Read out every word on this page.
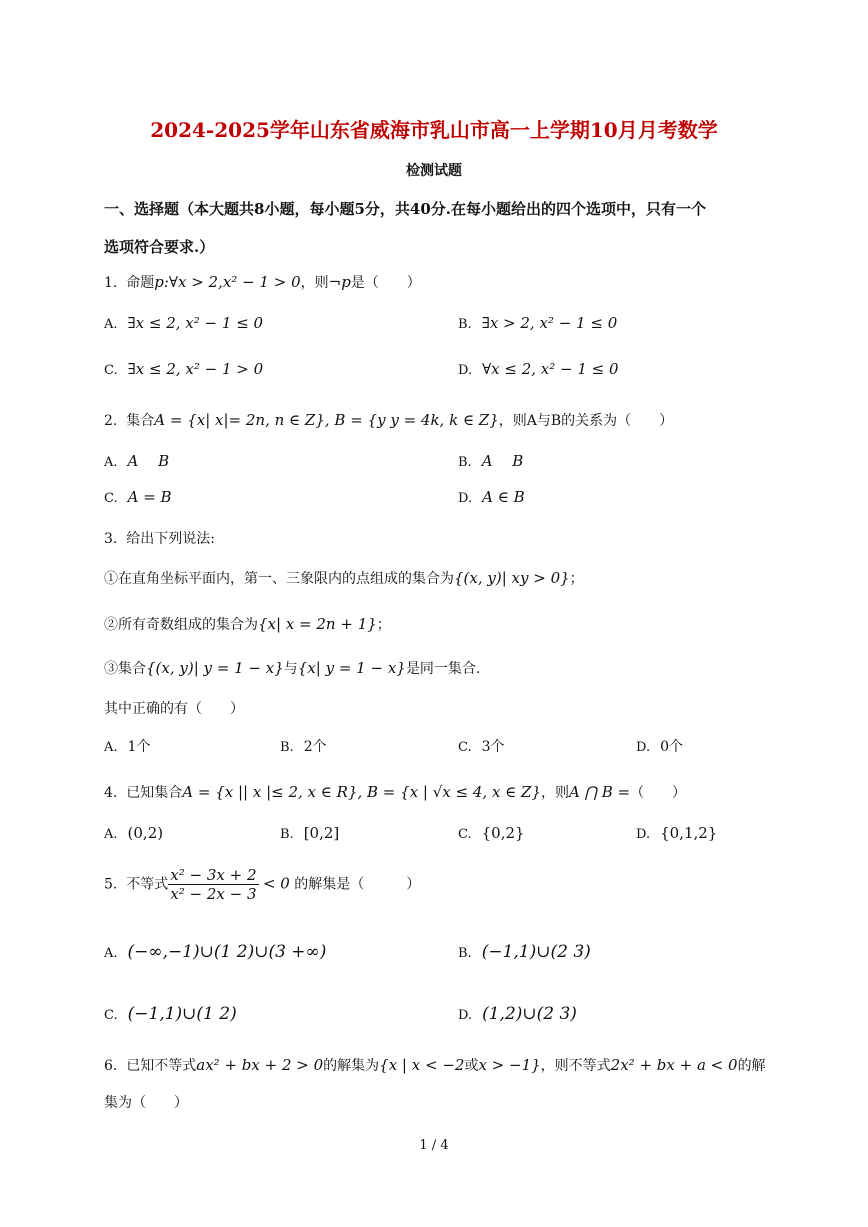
2024-2025学年山东省威海市乳山市高一上学期10月月考数学
检测试题
一、选择题（本大题共8小题，每小题5分，共40分.在每小题给出的四个选项中，只有一个
选项符合要求.）
1. 命题p:∀x > 2,x² − 1 > 0，则¬p是（　　）
A. ∃x ≤ 2, x² − 1 ≤ 0	B. ∃x > 2, x² − 1 ≤ 0
C. ∃x ≤ 2, x² − 1 > 0	D. ∀x ≤ 2, x² − 1 ≤ 0
2. 集合A = {x| x|= 2n, n ∈ Z}, B = {y y = 4k, k ∈ Z}，则A与B的关系为（　　）
A. A　 B	B. A　 B
C. A = B	D. A ∈ B
3. 给出下列说法:
①在直角坐标平面内，第一、三象限内的点组成的集合为{(x, y)| xy > 0}；
②所有奇数组成的集合为{x| x = 2n + 1}；
③集合{(x, y)| y = 1 − x}与{x| y = 1 − x}是同一集合.
其中正确的有（　　）
A. 1个	B. 2个	C. 3个	D. 0个
4. 已知集合A = {x || x |≤ 2, x ∈ R}, B = {x | √x ≤ 4, x ∈ Z}，则A ⋂ B =（　　）
A. (0,2)	B. [0,2]	C. {0,2}	D. {0,1,2}
5. 不等式 $\frac{\text{x² − 3x + 2}}{\text{x² − 2x − 3}} < 0$ 的解集是（　　　）
A. (−∞,−1)∪(1 2)∪(3 +∞)	B. (−1,1)∪(2 3)
C. (−1,1)∪(1 2)	D. (1,2)∪(2 3)
6. 已知不等式ax² + bx + 2 > 0的解集为{x | x < −2或x > −1}，则不等式2x² + bx + a < 0的解
集为（　　）
1 / 4
